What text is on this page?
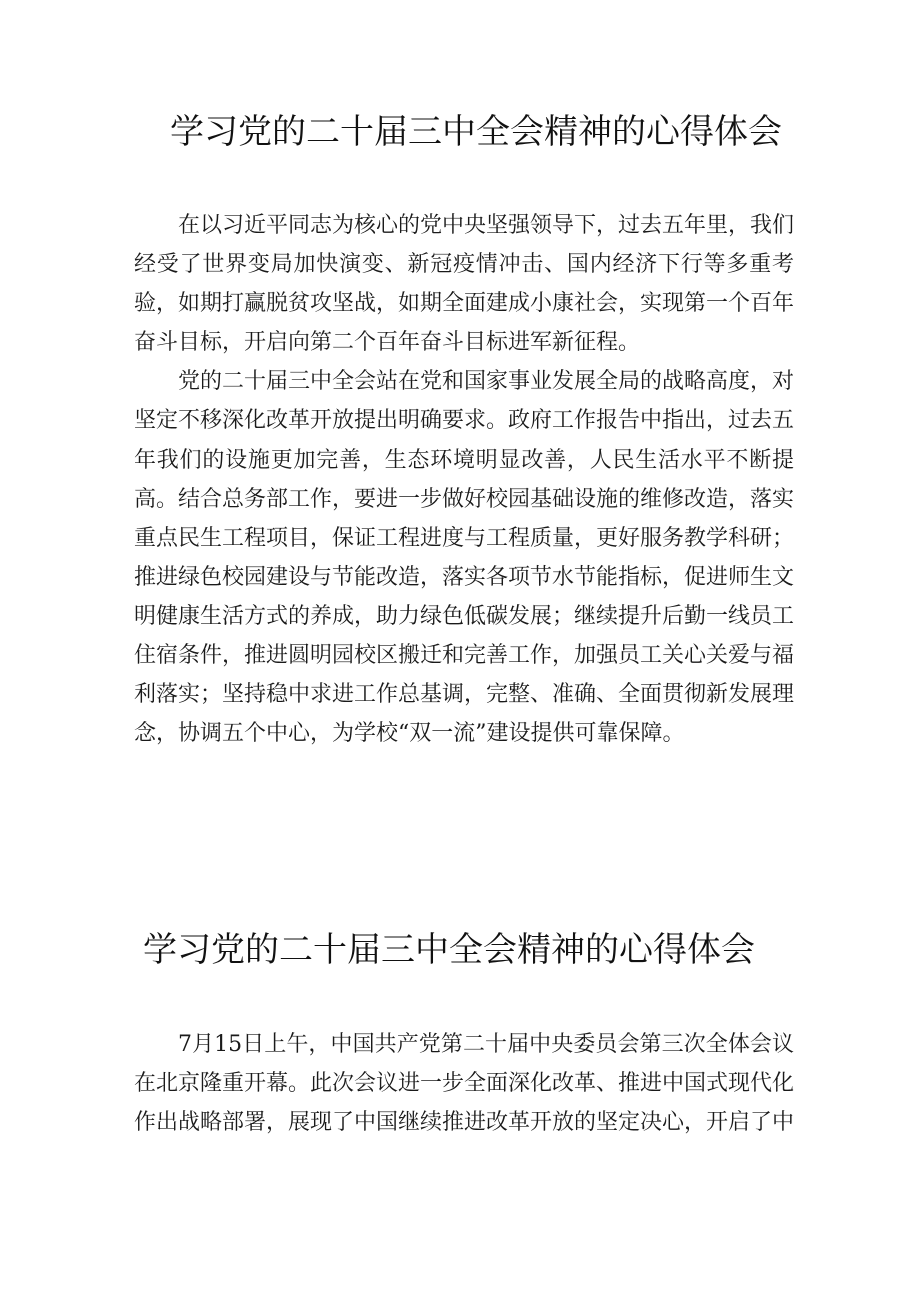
学习党的二十届三中全会精神的心得体会

在以习近平同志为核心的党中央坚强领导下，过去五年里，我们经受了世界变局加快演变、新冠疫情冲击、国内经济下行等多重考验，如期打赢脱贫攻坚战，如期全面建成小康社会，实现第一个百年奋斗目标，开启向第二个百年奋斗目标进军新征程。

党的二十届三中全会站在党和国家事业发展全局的战略高度，对坚定不移深化改革开放提出明确要求。政府工作报告中指出，过去五年我们的设施更加完善，生态环境明显改善，人民生活水平不断提高。结合总务部工作，要进一步做好校园基础设施的维修改造，落实重点民生工程项目，保证工程进度与工程质量，更好服务教学科研；推进绿色校园建设与节能改造，落实各项节水节能指标，促进师生文明健康生活方式的养成，助力绿色低碳发展；继续提升后勤一线员工住宿条件，推进圆明园校区搬迁和完善工作，加强员工关心关爱与福利落实；坚持稳中求进工作总基调，完整、准确、全面贯彻新发展理念，协调五个中心，为学校“双一流”建设提供可靠保障。

学习党的二十届三中全会精神的心得体会

7月15日上午，中国共产党第二十届中央委员会第三次全体会议在北京隆重开幕。此次会议进一步全面深化改革、推进中国式现代化作出战略部署，展现了中国继续推进改革开放的坚定决心，开启了中
